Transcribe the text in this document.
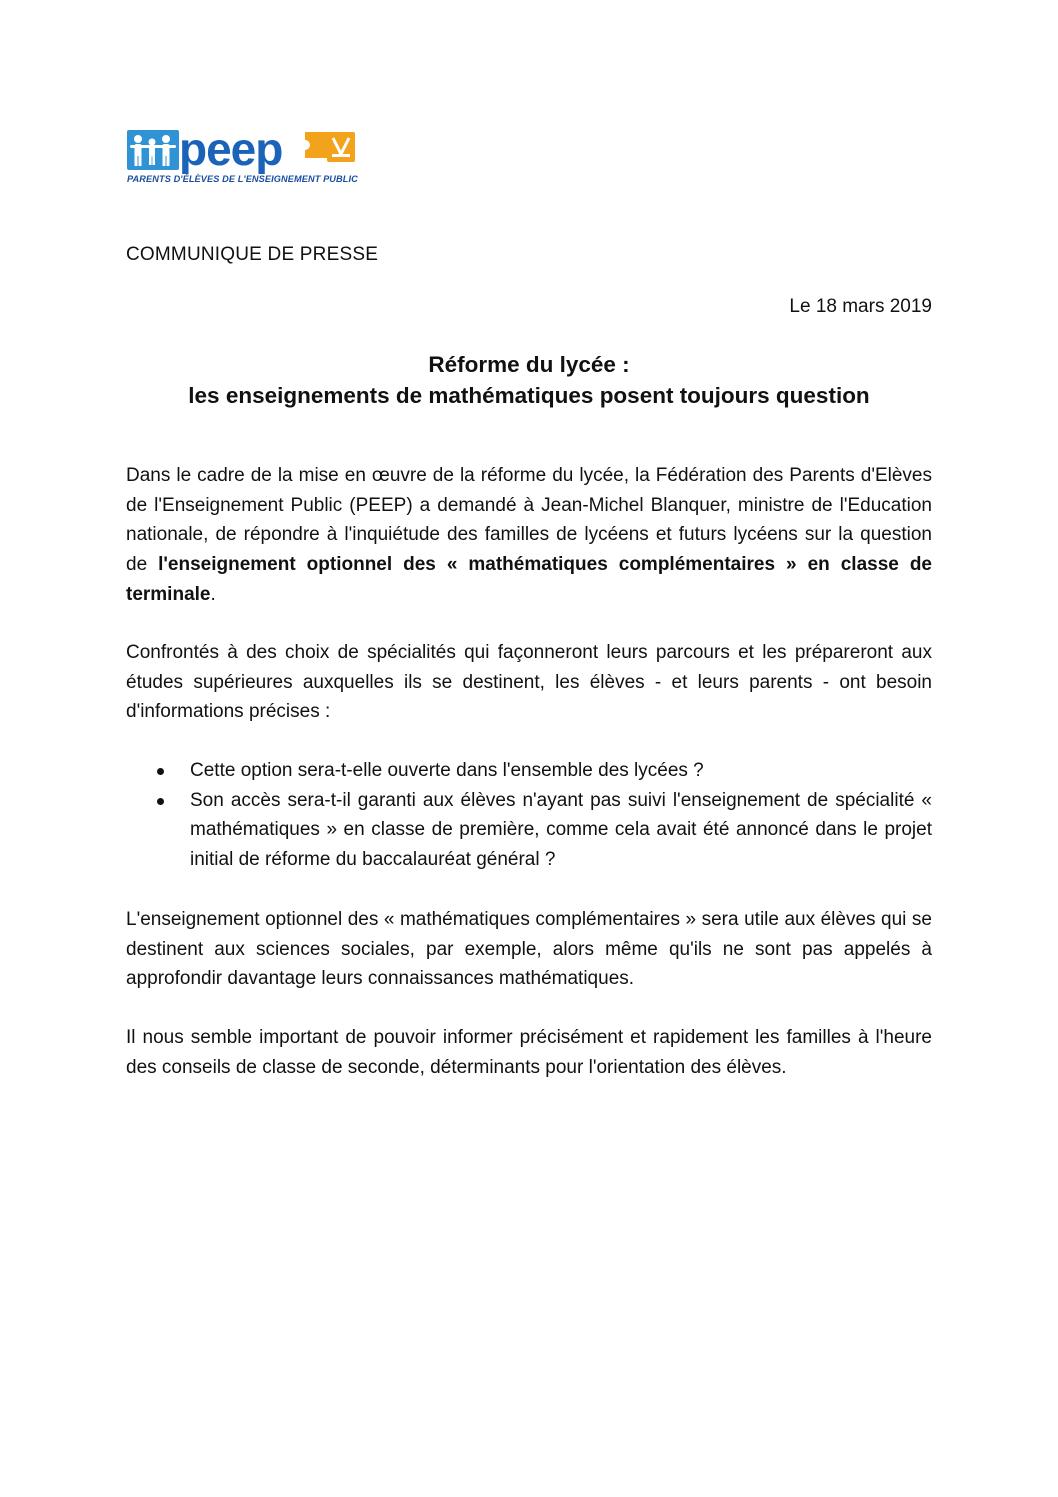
peep
PARENTS D'ÉLÈVES DE L'ENSEIGNEMENT PUBLIC
COMMUNIQUE DE PRESSE
Le 18 mars 2019
Réforme du lycée :
les enseignements de mathématiques posent toujours question

Dans le cadre de la mise en œuvre de la réforme du lycée, la Fédération des Parents d'Elèves de l'Enseignement Public (PEEP) a demandé à Jean-Michel Blanquer, ministre de l'Education nationale, de répondre à l'inquiétude des familles de lycéens et futurs lycéens sur la question de l'enseignement optionnel des « mathématiques complémentaires » en classe de terminale.

Confrontés à des choix de spécialités qui façonneront leurs parcours et les prépareront aux études supérieures auxquelles ils se destinent, les élèves - et leurs parents - ont besoin d'informations précises :

Cette option sera-t-elle ouverte dans l'ensemble des lycées ?
Son accès sera-t-il garanti aux élèves n'ayant pas suivi l'enseignement de spécialité « mathématiques » en classe de première, comme cela avait été annoncé dans le projet initial de réforme du baccalauréat général ?

L'enseignement optionnel des « mathématiques complémentaires » sera utile aux élèves qui se destinent aux sciences sociales, par exemple, alors même qu'ils ne sont pas appelés à approfondir davantage leurs connaissances mathématiques.

Il nous semble important de pouvoir informer précisément et rapidement les familles à l'heure des conseils de classe de seconde, déterminants pour l'orientation des élèves.
